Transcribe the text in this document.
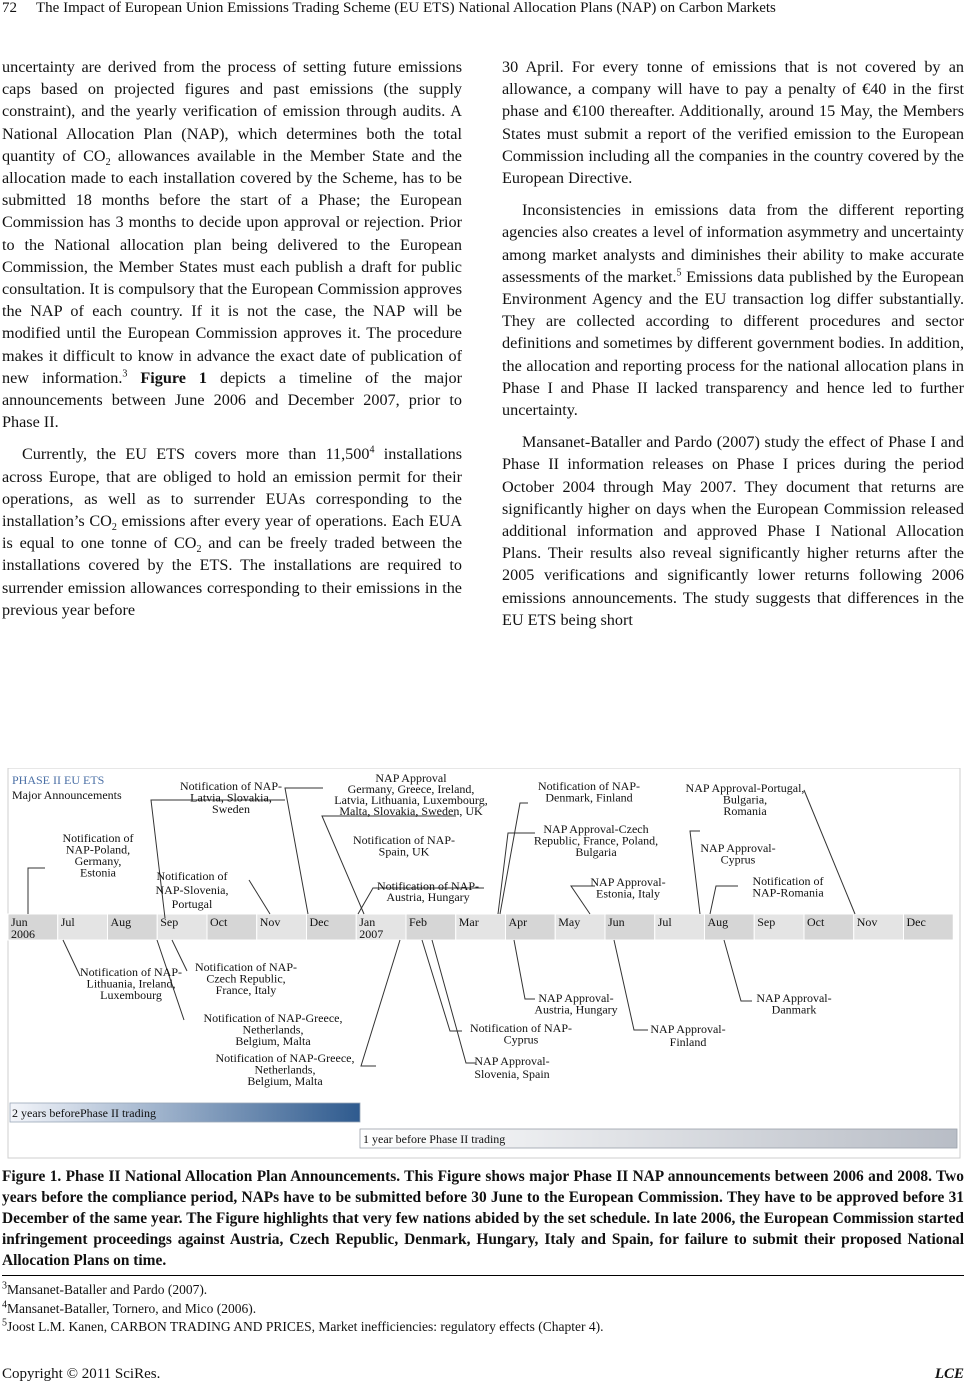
72 The Impact of European Union Emissions Trading Scheme (EU ETS) National Allocation Plans (NAP) on Carbon Markets

uncertainty are derived from the process of setting future emissions caps based on projected figures and past emissions (the supply constraint), and the yearly verification of emission through audits. A National Allocation Plan (NAP), which determines both the total quantity of $CO_2$ allowances available in the Member State and the allocation made to each installation covered by the Scheme, has to be submitted 18 months before the start of a Phase; the European Commission has 3 months to decide upon approval or rejection. Prior to the National allocation plan being delivered to the European Commission, the Member States must each publish a draft for public consultation. It is compulsory that the European Commission approves the NAP of each country. If it is not the case, the NAP will be modified until the European Commission approves it. The procedure makes it difficult to know in advance the exact date of publication of new information.$^3$ Figure 1 depicts a timeline of the major announcements between June 2006 and December 2007, prior to Phase II.

Currently, the EU ETS covers more than 11,500$^4$ installations across Europe, that are obliged to hold an emission permit for their operations, as well as to surrender EUAs corresponding to the installation’s $CO_2$ emissions after every year of operations. Each EUA is equal to one tonne of $CO_2$ and can be freely traded between the installations covered by the ETS. The installations are required to surrender emission allowances corresponding to their emissions in the previous year before

30 April. For every tonne of emissions that is not covered by an allowance, a company will have to pay a penalty of €40 in the first phase and €100 thereafter. Additionally, around 15 May, the Members States must submit a report of the verified emission to the European Commission including all the companies in the country covered by the European Directive.

Inconsistencies in emissions data from the different reporting agencies also creates a level of information asymmetry and uncertainty among market analysts and diminishes their ability to make accurate assessments of the market.$^5$ Emissions data published by the European Environment Agency and the EU transaction log differ substantially. They are collected according to different procedures and sector definitions and sometimes by different government bodies. In addition, the allocation and reporting process for the national allocation plans in Phase I and Phase II lacked transparency and hence led to further uncertainty.

Mansanet-Bataller and Pardo (2007) study the effect of Phase I and Phase II information releases on Phase I prices during the period October 2004 through May 2007. They document that returns are significantly higher on days when the European Commission released additional information and approved Phase I National Allocation Plans. Their results also reveal significantly higher returns after the 2005 verifications and significantly lower returns following 2006 emissions announcements. The study suggests that differences in the EU ETS being short

PHASE II EU ETS
Major Announcements
Jun
2006
Jul	Aug Sep	Oct	Nov Dec	Jan
2007
Feb	Mar Apr	May Jun	Jul	Aug Sep	Oct	Nov Dec
Notification of NAP-Latvia, Slovakia, Sweden
NAP Approval Germany, Greece, Ireland, Latvia, Lithuania, Luxembourg, Malta, Slovakia, Sweden, UK
Notification of NAP-Denmark, Finland
NAP Approval-Portugal, Bulgaria, Romania
Notification of NAP-Poland, Germany, Estonia
Notification of NAP-Spain, UK
NAP Approval-Czech Republic, France, Poland, Bulgaria	NAP Approval-Cyprus
Notification of NAP-Slovenia, Portugal
Notification of NAP-Austria, Hungary
NAP Approval-Estonia, Italy
Notification of NAP-Romania
Notification of NAP-Lithuania, Ireland, Luxembourg
Notification of NAP-Czech Republic, France, Italy
Notification of NAP-Greece, Netherlands, Belgium, Malta
Notification of NAP-Greece, Netherlands, Belgium, Malta
NAP Approval-Austria, Hungary
Notification of NAP-Cyprus
NAP Approval-Slovenia, Spain
NAP Approval-Finland
NAP Approval-Danmark
2 years beforePhase II trading
1 year before Phase II trading
Figure 1. Phase II National Allocation Plan Announcements. This Figure shows major Phase II NAP announcements between 2006 and 2008. Two years before the compliance period, NAPs have to be submitted before 30 June to the European Commission. They have to be approved before 31 December of the same year. The Figure highlights that very few nations abided by the set schedule. In late 2006, the European Commission started infringement proceedings against Austria, Czech Republic, Denmark, Hungary, Italy and Spain, for failure to submit their proposed National Allocation Plans on time.
$^3$Mansanet-Bataller and Pardo (2007).
$^4$Mansanet-Bataller, Tornero, and Mico (2006).
$^5$Joost L.M. Kanen, CARBON TRADING AND PRICES, Market inefficiencies: regulatory effects (Chapter 4).
Copyright © 2011 SciRes.	LCE
